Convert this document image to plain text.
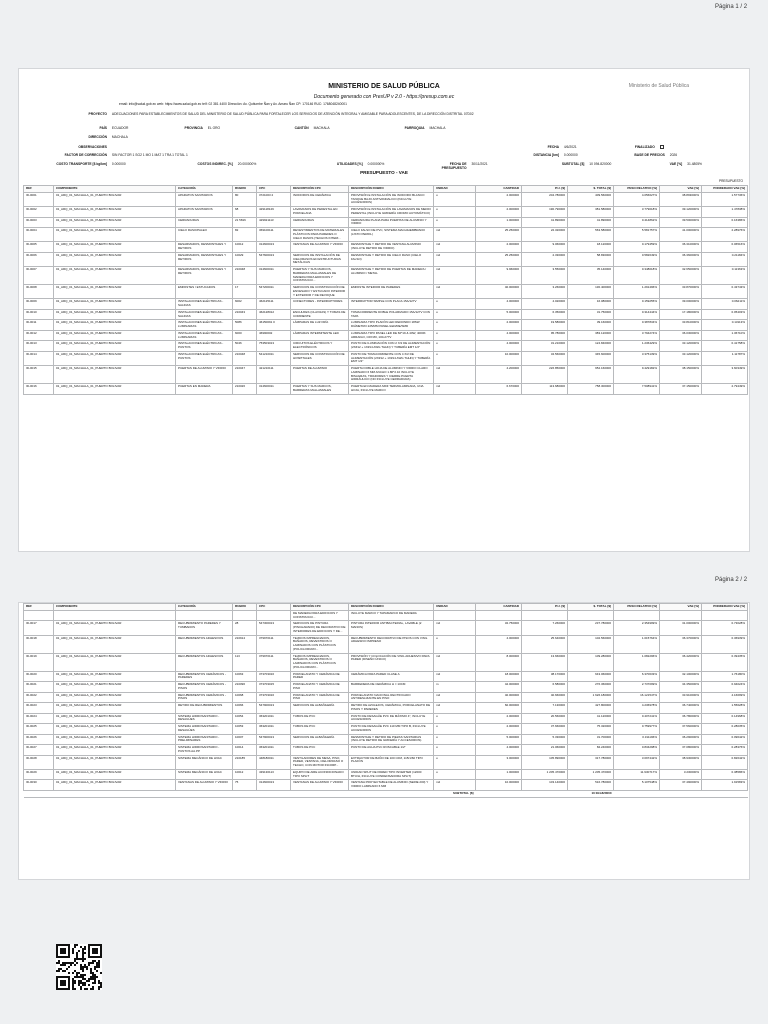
Página 1 / 2
MINISTERIO DE SALUD PÚBLICA
Documento generado con PresUP v 2.0 - https://presup.com.ec
email: info@salud.gob.ec web: https://www.salud.gob.ec telf: 02 381 4400 Dirección: Av. Quitumbe Ñan y Av. Amaru Ñan CP: 170146 RUC: 1768048240001
Ministerio de Salud Pública
PROYECTO ADECUACIONES PARA ESTABLECIMIENTOS DE SALUD DEL MINISTERIO DE SALUD PÚBLICA PARA FORTALECER LOS SERVICIOS DE ATENCIÓN INTEGRAL Y AMIGABLE PARA ADOLESCENTES, DE LA DIRECCIÓN DISTRITAL 07D02
PAÍS ECUADOR	PROVINCIA EL ORO	CANTÓN MACHALA	PARROQUIA MACHALA
DIRECCIÓN MACHALA
OBSERVACIONES	FECHA 4/6/2021	FINALIZADO
FACTOR DE CORRECCIÓN SIN FACTOR 1 SG2 1 MO 1 MAT 1 TRA 1 TOTAL 1	DISTANCIA [km] 0.000000	BASE DE PRECIOS 2026
COSTO TRANSPORTE [$ kg/km] 0.000000	COSTOS INDIREC. [%] 20.000000%	UTILIDADES [%] 0.000000%	FECHA DE PRESUPUESTO 30/11/2021	SUBTOTAL [$] 10 094.820000	VAE [%] 31.4805%
PRESUPUESTO - VAE
PRESUPUESTO
REF	COMPONENTE	CATEGORÍA	RUBRO	CPC	DESCRIPCIÓN CPC	DESCRIPCIÓN RUBRO	UNIDAD	CANTIDAD	P.U. [$]	$. TOTAL [$]	PESO RELATIVO [%]	VAE [%]	PONDERADO VAE [%]
ID-0001	01_ARQ_01_MACHALA_01_PUERTO BOLIVAR	APARATOS SANITARIOS	80	3721003 2	INODOROS DE CERÁMICA	PROVISIÓN E INSTALACIÓN DE INODORO BLANCO TANQUE BAJO ANTIVANDALICO (INCLUYE ACCESORIOS)	u	2.000000	204.780000	409.560000	4.056627%	38.893000%	1.57736%
ID-0002	01_ARQ_01_MACHALA_01_PUERTO BOLIVAR	APARATOS SANITARIOS	68	429118129	LAVAMANOS DE PEDESTAL EN PORCELANA	PROVISIÓN E INSTALACIÓN DE LAVAMANOS DE MEDIO PEDESTAL (INCLUYE GRIFERÍA CROMO AUTOMÁTICO)	u	2.000000	190.790000	381.580000	3.779018%	39.120000%	1.47838%
ID-0003	01_ARQ_01_MACHALA_01_PUERTO BOLIVAR	CERRADURAS	21 5816	429921113	CERRADURAS	CERRADURA PLANA PARA PUERTAS DE ALUMINIO Y VIDRIO	u	1.000000	41.890000	41.890000	0.414862%	39.500000%	0.16386%
ID-0004	01_ARQ_01_MACHALA_01_PUERTO BOLIVAR	CIELO RASO/PALEO	82	369100111	REVESTIMIENTOS DE MATERIALES PLÁSTICOS PARA PAREDES O CIELO RASOS (TECHOS INTERI...	CIELO FALSO DE PVC, SISTEMA MACHIHEMBRADO (LISTO PERFIL)	m2	25.250000	22.320000	563.580000	5.581757%	41.000000%	2.28976%
ID-0005	01_ARQ_01_MACHALA_01_PUERTO BOLIVAR	DESARMADOS, DESMONTAJES Y RETIROS	10012	314600013	VENTANAS DE ALUMINIO Y VIDRIO	DESMONTAJE Y RETIRO DE VENTANA ALUMINIO (INCLUYE RETIRO DE VIDRIO)	m2	2.000000	9.060000	18.120000	0.179459%	36.310000%	0.06516%
ID-0006	01_ARQ_01_MACHALA_01_PUERTO BOLIVAR	DESARMADOS, DESMONTAJES Y RETIROS	10029	547600013	SERVICIOS DE INSTALACIÓN DE CIELORASOS EN ESTRUCTURAS METÁLICAS	DESMONTAJE Y RETIRO DE CIELO RASO (CIELO FALSO)	m2	25.250000	2.330000	58.830000	0.582649%	36.360000%	0.21184%
ID-0007	01_ARQ_01_MACHALA_01_PUERTO BOLIVAR	DESARMADOS, DESMONTAJES Y RETIROS	210048	314600011	PUERTAS Y SUS MARCOS, BARRERAS MALLAMIALES DE MADERA PARA EDIFICIOS Y CONSTRUCCI...	DESMONTAJE Y RETIRO DE PUERTAS DE MADERA / ALUMINIO / METAL	m2	9.960000	3.550000	35.140000	0.348018%	32.650000%	0.11363%
ID-0008	01_ARQ_01_MACHALA_01_PUERTO BOLIVAR	EMPASTES / ESTUCADOS	17	547200011	SERVICIOS DE CONSTRUCCIÓN DE ENVESADO Y ESTUCADO INTERIOR Y EXTERIOR Y DE REVOQUE	EMPASTE INTERIOR DE PAREDES	m2	40.000000	3.260000	130.400000	1.291496%	33.870000%	0.43743%
ID-0009	01_ARQ_01_MACHALA_01_PUERTO BOLIVAR	INSTALACIONES ELÉCTRICAS - SALIDAS	6002	462125111	CONECTORES - INTERRUPTORES	INTERRUPTOR SIMPLE CON PLACA 15A/127V	u	4.000000	4.020000	16.080000	0.159255%	39.000000%	0.06211%
ID-0010	01_ARQ_01_MACHALA_01_PUERTO BOLIVAR	INSTALACIONES ELÉCTRICAS - SALIDAS	210043	462128012	ENCHUFES (CLAVIJAS) Y TOMAS DE CORRIENTE	TOMACORRIENTE DOBLE POLARIZADO 15A/127V CON TAPA	u	5.000000	6.350000	31.750000	0.314444%	17.180000%	0.05403%
ID-0011	01_ARQ_01_MACHALA_01_PUERTO BOLIVAR	INSTALACIONES ELÉCTRICAS - LUMINARIAS	5086	46150091 0	LÁMPARAS DE LUZ FRÍA	LUMINARIA TIPO PLAFÓN LED REDONDO 18SW DIÁMETRO 225/MM PANEL/LED/RE/SMD	u	2.000000	19.580000	39.160000	0.387834%	33.810000%	0.13113%
ID-0012	01_ARQ_01_MACHALA_01_PUERTO BOLIVAR	INSTALACIONES ELÉCTRICAS - LUMINARIAS	6000	46990002	LÁMPARAS INTERMITENTE LED	LUMINARIA TIPO PANEL LED DE 60*19 & 40W, 4000K ARRAIGO, CRI>80, 100-277V	u	4.000000	95.780000	383.120000	3.794274%	36.030000%	1.36710%
ID-0013	01_ARQ_01_MACHALA_01_PUERTO BOLIVAR	INSTALACIONES ELÉCTRICAS - PUNTOS	5046	753503013	CIRCUITOS ELÉCTRICOS Y ELECTRÓNICOS	PUNTO DE ILUMINACIÓN CON 2 X/2 DE ALIMENTACIÓN (2X#12 + 1X#14 AWG THHN) Y TUBERÍA EMT 1/2"	u	4.000000	31.210000	124.840000	1.236429%	33.120000%	0.41758%
ID-0014	01_ARQ_01_MACHALA_01_PUERTO BOLIVAR	INSTALACIONES ELÉCTRICAS - PUNTOS	210048	541210011	SERVICIOS DE CONSTRUCCIÓN DE HOSPITALES	PUNTO DE TOMACORRIENTE CON 4 X/2 DE ALIMENTACIÓN (2X#12 + 1X#14 AWG THHN) Y TUBERÍA EMT 1/2"	u	10.000000	34.560000	345.600000	3.375139%	33.120000%	1.11787%
ID-0015	01_ARQ_01_MACHALA_01_PUERTO BOLIVAR	PUERTAS DE ALUMINIO Y VIDRIO	210047	421210111	PUERTAS DE ALUMINIO	PUERTA DOBLE HOJA DE ALUMINIO Y VIDRIO CLARO LAMINADO 6 MM ANCHO 1.80*2.10 INCLUYE BISAGRAS, TIRADORES Y CIERRE PUERTA HIDRÁULICO (NO INCLUYE CERRADURA)	m2	4.200000	226.850000	952.160000	9.429182%	38.150000%	3.60349%
ID-0016	01_ARQ_01_MACHALA_01_PUERTO BOLIVAR	PUERTAS EN MADERA	210026	314600011	PUERTAS Y SUS MARCOS, BARRERAS MALLAMIALES	PUERTA EN MADERA MDF TERMOLAMINADA, UNA HOJA, INCLUYE MARCO	m2	6.670000	113.680000	758.300000	7.508941%	37.150000%	2.79449%
Página 2 / 2
REF	COMPONENTE	CATEGORÍA	RUBRO	CPC	DESCRIPCIÓN CPC	DESCRIPCIÓN RUBRO	UNIDAD	CANTIDAD	P.U. [$]	$. TOTAL [$]	PESO RELATIVO [%]	VAE [%]	PONDERADO VAE [%]
					DE MADERA PARA EDIFICIOS Y CONSTRUCCI...	INCLUYE MARCO Y TAPAMARCO DE MADERA							
ID-0017	01_ARQ_01_MACHALA_01_PUERTO BOLIVAR	RECUBRIMIENTO PAREDES Y TUMBADOS	28	547300013	SERVICIOS DE PINTURA (PINCHARADO) DE DECORATIVO DE INTERIORES DE EDIFICIOS Y DE...	PINTURA INTERIOR ANTIBACTERIAL, LAVABLE (2 MANOS)	m2	32.750000	7.260000	237.780000	2.354999%	31.000000%	0.73028%
ID-0018	01_ARQ_01_MACHALA_01_PUERTO BOLIVAR	RECUBRIMIENTOS ADHESIVOS	210914	379970111	TEJIDOS IMPREGNADOS, BAÑADOS, REVESTIDOS O LAMINADOS CON PLÁSTICOS (POLICLORURO...	RECUBRIMIENTO DECORATIVO DE PISOS CON VINIL ADHESIVO IMPRESO	u	4.000000	25.640000	102.560000	1.015764%	36.370000%	0.36939%
ID-0019	01_ARQ_01_MACHALA_01_PUERTO BOLIVAR	RECUBRIMIENTOS ADHESIVOS	113	379970111	TEJIDOS IMPREGNADOS, BAÑADOS, REVESTIDOS O LAMINADOS CON PLÁSTICOS (POLICLORURO...	PROVISIÓN Y COLOCACIÓN DE VINIL ADHESIVO PARA PARED (DISEÑO ÚNICO)	m2	8.000000	13.660000	109.280000	1.082296%	36.420000%	0.39435%
ID-0020	01_ARQ_01_MACHALA_01_PUERTO BOLIVAR	RECUBRIMIENTOS CERÁMICOS - PAREDES	10063	373703016	PORCELANATO Y CERÁMICA DE PARED	CERÁMICA PARA PARED CLASE A	m2	18.000000	38.170000	643.060000	6.370633%	32.100000%	1.76180%
ID-0021	01_ARQ_01_MACHALA_01_PUERTO BOLIVAR	RECUBRIMIENTOS CERÁMICOS - PISOS	210096	373703015	PORCELANATO Y CERÁMICA DE PISO	BARREDERA DE CERÁMICA H = 10CM	m	42.000000	6.580000	276.360000	2.737099%	34.350000%	0.94024%
ID-0022	01_ARQ_01_MACHALA_01_PUERTO BOLIVAR	RECUBRIMIENTOS CERÁMICOS - PISOS	10068	373703016	PORCELANATO Y CERÁMICA DE PISO	PORCELANATO NACIONAL RECTIFICADO ANTIDESLIZANTE EN PISO	m2	40.000000	40.660000	1 626.180000	16.121547%	33.910000%	4.16699%
ID-0023	01_ARQ_01_MACHALA_01_PUERTO BOLIVAR	RETIRO DE RECUBRIMIENTOS	10066	547900013	SERVICIOS DE ALBAÑILERÍA	RETIRO DE AZULEJOS, CERÁMICA, PORCELANATO DE PISOS Y PAREDES	m2	60.000000	7.130000	427.800000	4.236978%	36.740000%	1.55628%
ID-0024	01_ARQ_01_MACHALA_01_PUERTO BOLIVAR	SISTEMA HIDROSANITARIO - DESAGÜES	10054	363201011	TUBOS DE PVC	PUNTO DE DESAGÜE PVC DE MÁXIMO 4", INCLUYE ACCESORIOS	u	2.000000	20.560000	41.120000	0.407241%	36.780000%	0.14968%
ID-0025	01_ARQ_01_MACHALA_01_PUERTO BOLIVAR	SISTEMA HIDROSANITARIO - DESAGÜES	10053	363201011	TUBOS DE PVC	PUNTO DE DESAGÜE PVC 110 MM TIPO B, INCLUYE ACCESORIOS	u	2.000000	37.660000	75.320000	0.759977%	37.560000%	0.28035%
ID-0026	01_ARQ_01_MACHALA_01_PUERTO BOLIVAR	SISTEMA HIDROSANITARIO - PRELIMINARES	10007	547900013	SERVICIOS DE ALBAÑILERÍA	DESMONTAJE Y RETIRO DE PIEZAS SANITARIAS (INCLUYE RETIRO DE GRIFERÍA Y ACCESORIOS)	u	5.000000	5.330000	31.700000	0.311196%	36.290000%	0.09642%
ID-0027	01_ARQ_01_MACHALA_01_PUERTO BOLIVAR	SISTEMA HIDROSANITARIO - PUNTOS AA.PP	10014	363201011	TUBOS DE PVC	PUNTO DE AGUA PVC ROSCABLE 1/2"	u	4.000000	21.060000	84.240000	0.834298%	37.080000%	0.28376%
ID-0028	01_ARQ_01_MACHALA_01_PUERTO BOLIVAR	SISTEMA MECÁNICO DE HVAC	210185	448180011	VENTILADORES DE MESA, PISO, PARED, VENTANA, CIELORRASO O TECHO, CON MOTOR INCORP...	EXTRACTOR DE BAÑO DE 100 CFM, 115/1/60 TIPO PLAFÓN	u	3.000000	105.890000	317.780000	3.097442%	38.930000%	0.82642%
ID-0029	01_ARQ_01_MACHALA_01_PUERTO BOLIVAR	SISTEMA MECÁNICO DE HVAC	10012	439130113	EQUIPO DE AIRE ACONDICIONADO TIPO SPLIT	UNIDAD SPLIT DE PARED TIPO INVERTER (12000 BTU/H, INCLUYE CONDENSADORA SPLIT)	u	1.000000	1 205.470000	1 205.470000	11.930717%	3.230000%	0.38586%
ID-0030	01_ARQ_01_MACHALA_01_PUERTO BOLIVAR	VENTANAS DE ALUMINIO Y VIDRIO	75	314600013	VENTANAS DE ALUMINIO Y VIDRIO	VENTANA PROYECTABLE DE ALUMINIO (SERIE 200) Y VIDRIO LAMINADO 6 MM	m2	10.000000	103.140000	516.780000	5.107548%	37.490000%	1.91583%
SUBTOTAL [$]									10 094.820000				
